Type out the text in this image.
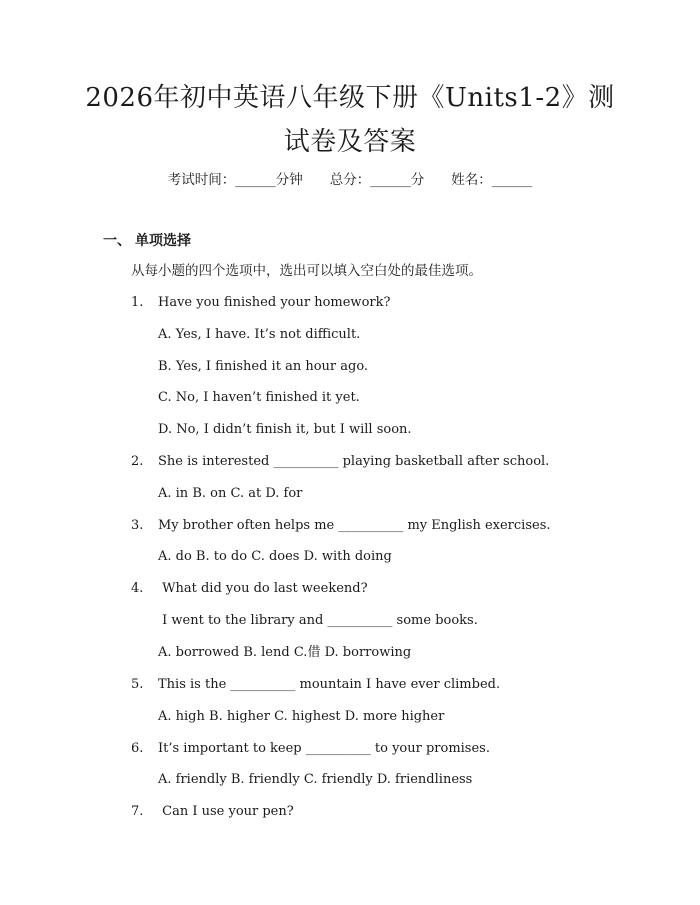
2026年初中英语八年级下册《Units1-2》测
试卷及答案
考试时间：______分钟　　总分：______分　　姓名：______
一、 单项选择
从每小题的四个选项中，选出可以填入空白处的最佳选项。
1. Have you finished your homework?
A. Yes, I have. It’s not difficult.
B. Yes, I finished it an hour ago.
C. No, I haven’t finished it yet.
D. No, I didn’t finish it, but I will soon.
2. She is interested __________ playing basketball after school.
A. in B. on C. at D. for
3. My brother often helps me __________ my English exercises.
A. do B. to do C. does D. with doing
4. What did you do last weekend?
I went to the library and __________ some books.
A. borrowed B. lend C.借 D. borrowing
5. This is the __________ mountain I have ever climbed.
A. high B. higher C. highest D. more higher
6. It’s important to keep __________ to your promises.
A. friendly B. friendly C. friendly D. friendliness
7. Can I use your pen?
